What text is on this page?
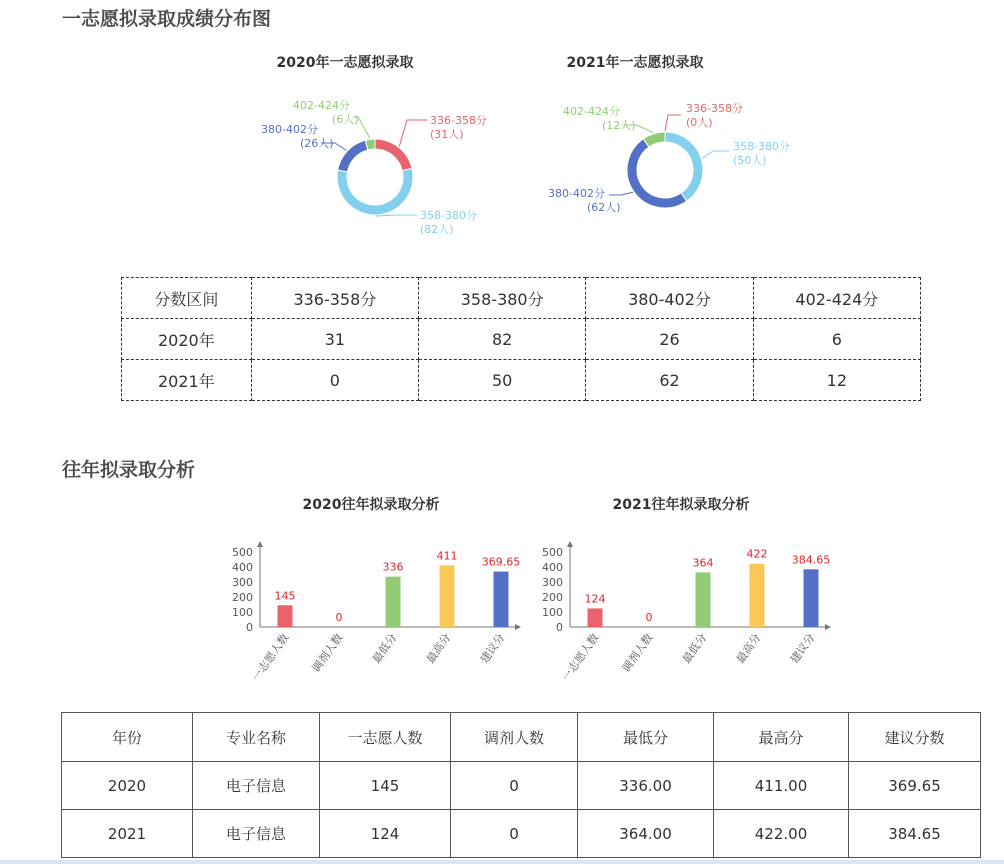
一志愿拟录取成绩分布图
2020年一志愿拟录取	2021年一志愿拟录取
336-358分
(31人)
358-380分
(82人)
380-402分
(26人)
402-424分
(6人)
336-358分
(0人)
358-380分
(50人)
380-402分
(62人)
402-424分
(12人)
分数区间	336-358分	358-380分	380-402分	402-424分
2020年	31	82	26	6
2021年	0	50	62	12
往年拟录取分析
2020往年拟录取分析	2021往年拟录取分析
0
100
200
300
400
500
145
一志愿人数
0
调剂人数
336
最低分
411
最高分
369.65
建议分
0
100
200
300
400
500
124
一志愿人数
0
调剂人数
364
最低分
422
最高分
384.65
建议分
年份	专业名称	一志愿人数	调剂人数	最低分	最高分	建议分数
2020	电子信息	145	0	336.00	411.00	369.65
2021	电子信息	124	0	364.00	422.00	384.65
